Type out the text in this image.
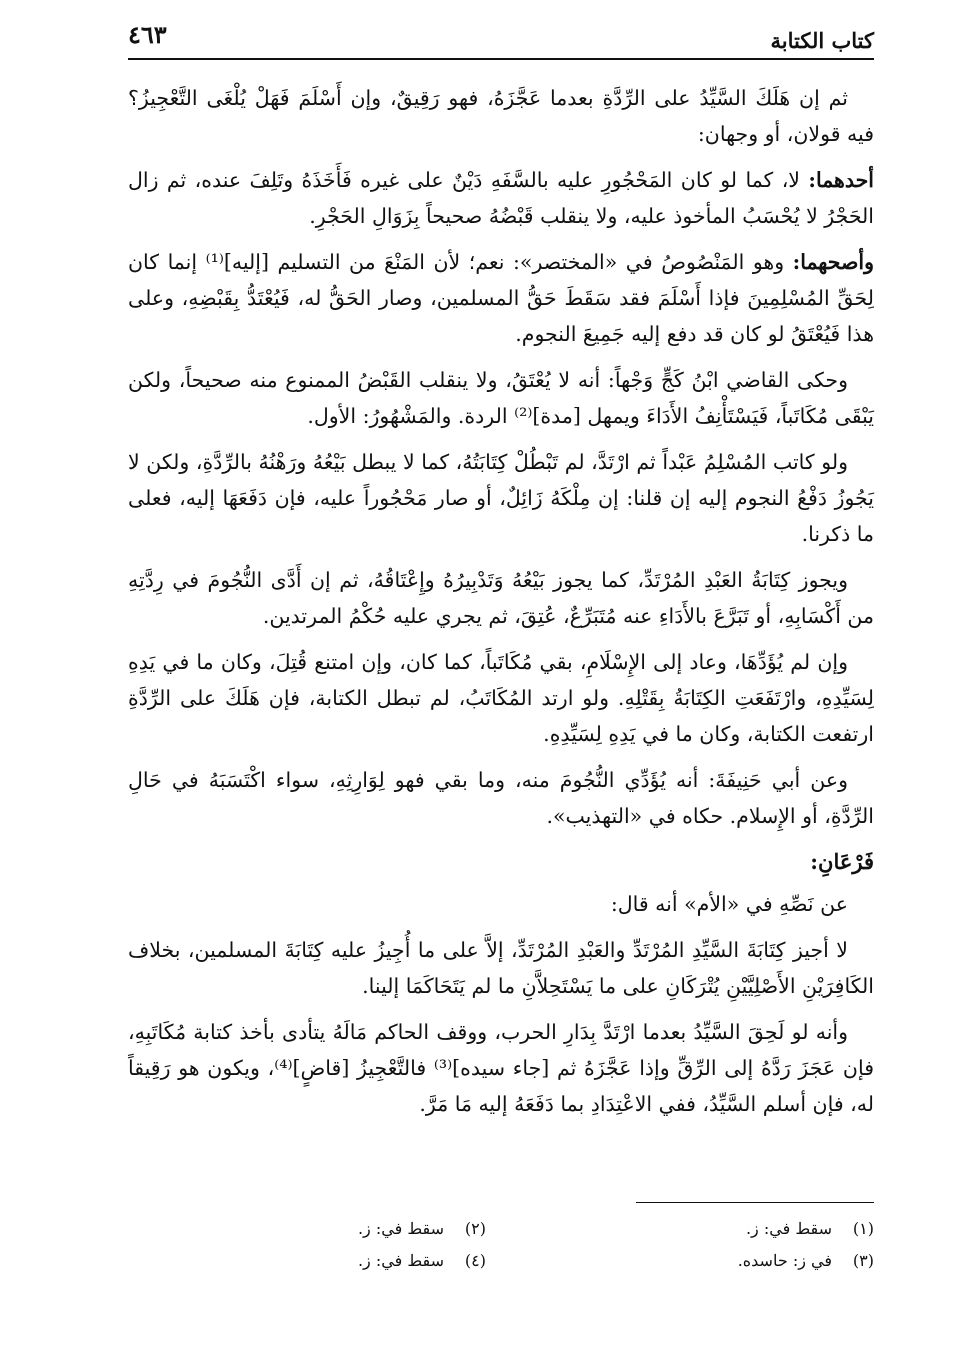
كتاب الكتابة
٤٦٣

ثم إن هَلَكَ السَّيِّدُ على الرِّدَّةِ بعدما عَجَّزَهُ، فهو رَقِيقٌ، وإن أَسْلَمَ فَهَلْ يُلْغَى التَّعْجِيزُ؟ فيه قولان، أو وجهان:

أحدهما: لا، كما لو كان المَحْجُورِ عليه بالسَّفَهِ دَيْنٌ على غيره فَأَخَذَهُ وتَلِفَ عنده، ثم زال الحَجْرُ لا يُحْسَبُ المأخوذ عليه، ولا ينقلب قَبْضُهُ صحيحاً بِزَوَالِ الحَجْرِ.

وأصحهما: وهو المَنْصُوصُ في «المختصر»: نعم؛ لأن المَنْعَ من التسليم [إليه]⁽¹⁾ إنما كان لِحَقِّ المُسْلِمِينَ فإذا أَسْلَمَ فقد سَقَطَ حَقُّ المسلمين، وصار الحَقُّ له، فَيُعْتَدُّ بِقَبْضِهِ، وعلى هذا فَيُعْتَقُ لو كان قد دفع إليه جَمِيعَ النجوم.

وحكى القاضي ابْنُ كَجٍّ وَجْهاً: أنه لا يُعْتَقُ، ولا ينقلب القَبْضُ الممنوع منه صحيحاً، ولكن يَبْقَى مُكَاتَباً، فَيَسْتَأْنِفُ الأَدَاءَ ويمهل [مدة]⁽²⁾ الردة. والمَشْهُورُ: الأول.

ولو كاتب المُسْلِمُ عَبْداً ثم ارْتَدَّ، لم تَبْطُلْ كِتَابَتُهُ، كما لا يبطل بَيْعُهُ ورَهْنُهُ بالرِّدَّةِ، ولكن لا يَجُوزُ دَفْعُ النجوم إليه إن قلنا: إن مِلْكَهُ زَائِلٌ، أو صار مَحْجُوراً عليه، فإن دَفَعَهَا إليه، فعلى ما ذكرنا.

ويجوز كِتَابَةُ العَبْدِ المُرْتَدِّ، كما يجوز بَيْعُهُ وَتَدْبِيرُهُ وإِعْتَاقُهُ، ثم إن أَدَّى النُّجُومَ في رِدَّتِهِ من أَكْسَابِهِ، أو تَبَرَّعَ بالأَدَاءِ عنه مُتَبَرِّعٌ، عُتِقَ، ثم يجري عليه حُكْمُ المرتدين.

وإن لم يُؤَدِّهَا، وعاد إلى الإِسْلَامِ، بقي مُكَاتَباً، كما كان، وإن امتنع قُتِلَ، وكان ما في يَدِهِ لِسَيِّدِهِ، وارْتَفَعَتِ الكِتَابَةُ بِقَتْلِهِ. ولو ارتد المُكَاتَبُ، لم تبطل الكتابة، فإن هَلَكَ على الرِّدَّةِ ارتفعت الكتابة، وكان ما في يَدِهِ لِسَيِّدِهِ.

وعن أبي حَنِيفَةَ: أنه يُؤَدِّي النُّجُومَ منه، وما بقي فهو لِوَارِثِهِ، سواء اكْتَسَبَهُ في حَالِ الرِّدَّةِ، أو الإِسلام. حكاه في «التهذيب».

فَرْعَانِ:

عن نَصِّهِ في «الأم» أنه قال:

لا أجيز كِتَابَةَ السَّيِّدِ المُرْتَدِّ والعَبْدِ المُرْتَدِّ، إلاَّ على ما أُجِيزُ عليه كِتَابَةَ المسلمين، بخلاف الكَافِرَيْنِ الأَصْلِيَّيْنِ يُتْرَكَانِ على ما يَسْتَحِلاَّنِ ما لم يَتَحَاكَمَا إلينا.

وأنه لو لَحِقَ السَّيِّدُ بعدما ارْتَدَّ بِدَارِ الحرب، ووقف الحاكم مَالَهُ يتأدى بأخذ كتابة مُكَاتَبِهِ، فإن عَجَزَ رَدَّهُ إلى الرِّقِّ وإذا عَجَّزَهُ ثم [جاء سيده]⁽³⁾ فالتَّعْجِيزُ [قاضٍ]⁽⁴⁾، ويكون هو رَقِيقاً له، فإن أسلم السَّيِّدُ، ففي الاعْتِدَادِ بما دَفَعَهُ إليه مَا مَرَّ.

(١)سقط في: ز.
(٢)سقط في: ز.
(٣)في ز: حاسده.
(٤)سقط في: ز.
